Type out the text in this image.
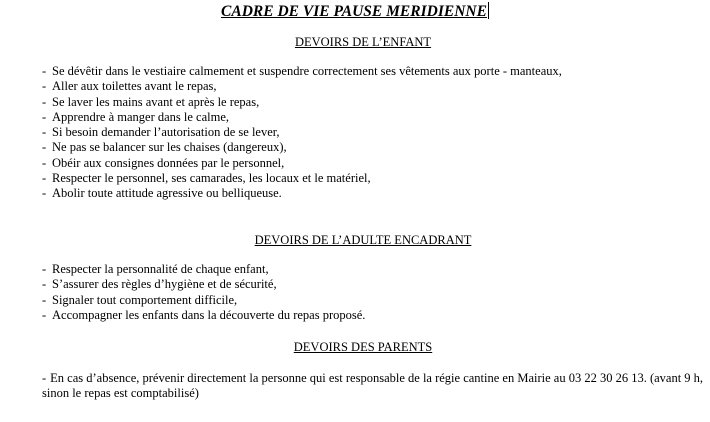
CADRE DE VIE PAUSE MERIDIENNE
DEVOIRS DE L’ENFANT
- Se dévêtir dans le vestiaire calmement et suspendre correctement ses vêtements aux porte - manteaux,
- Aller aux toilettes avant le repas,
- Se laver les mains avant et après le repas,
- Apprendre à manger dans le calme,
- Si besoin demander l’autorisation de se lever,
- Ne pas se balancer sur les chaises (dangereux),
- Obéir aux consignes données par le personnel,
- Respecter le personnel, ses camarades, les locaux et le matériel,
- Abolir toute attitude agressive ou belliqueuse.
DEVOIRS DE L’ADULTE ENCADRANT
- Respecter la personnalité de chaque enfant,
- S’assurer des règles d’hygiène et de sécurité,
- Signaler tout comportement difficile,
- Accompagner les enfants dans la découverte du repas proposé.
DEVOIRS DES PARENTS

- En cas d’absence, prévenir directement la personne qui est responsable de la régie cantine en Mairie au 03 22 30 26 13. (avant 9 h, sinon le repas est comptabilisé)
